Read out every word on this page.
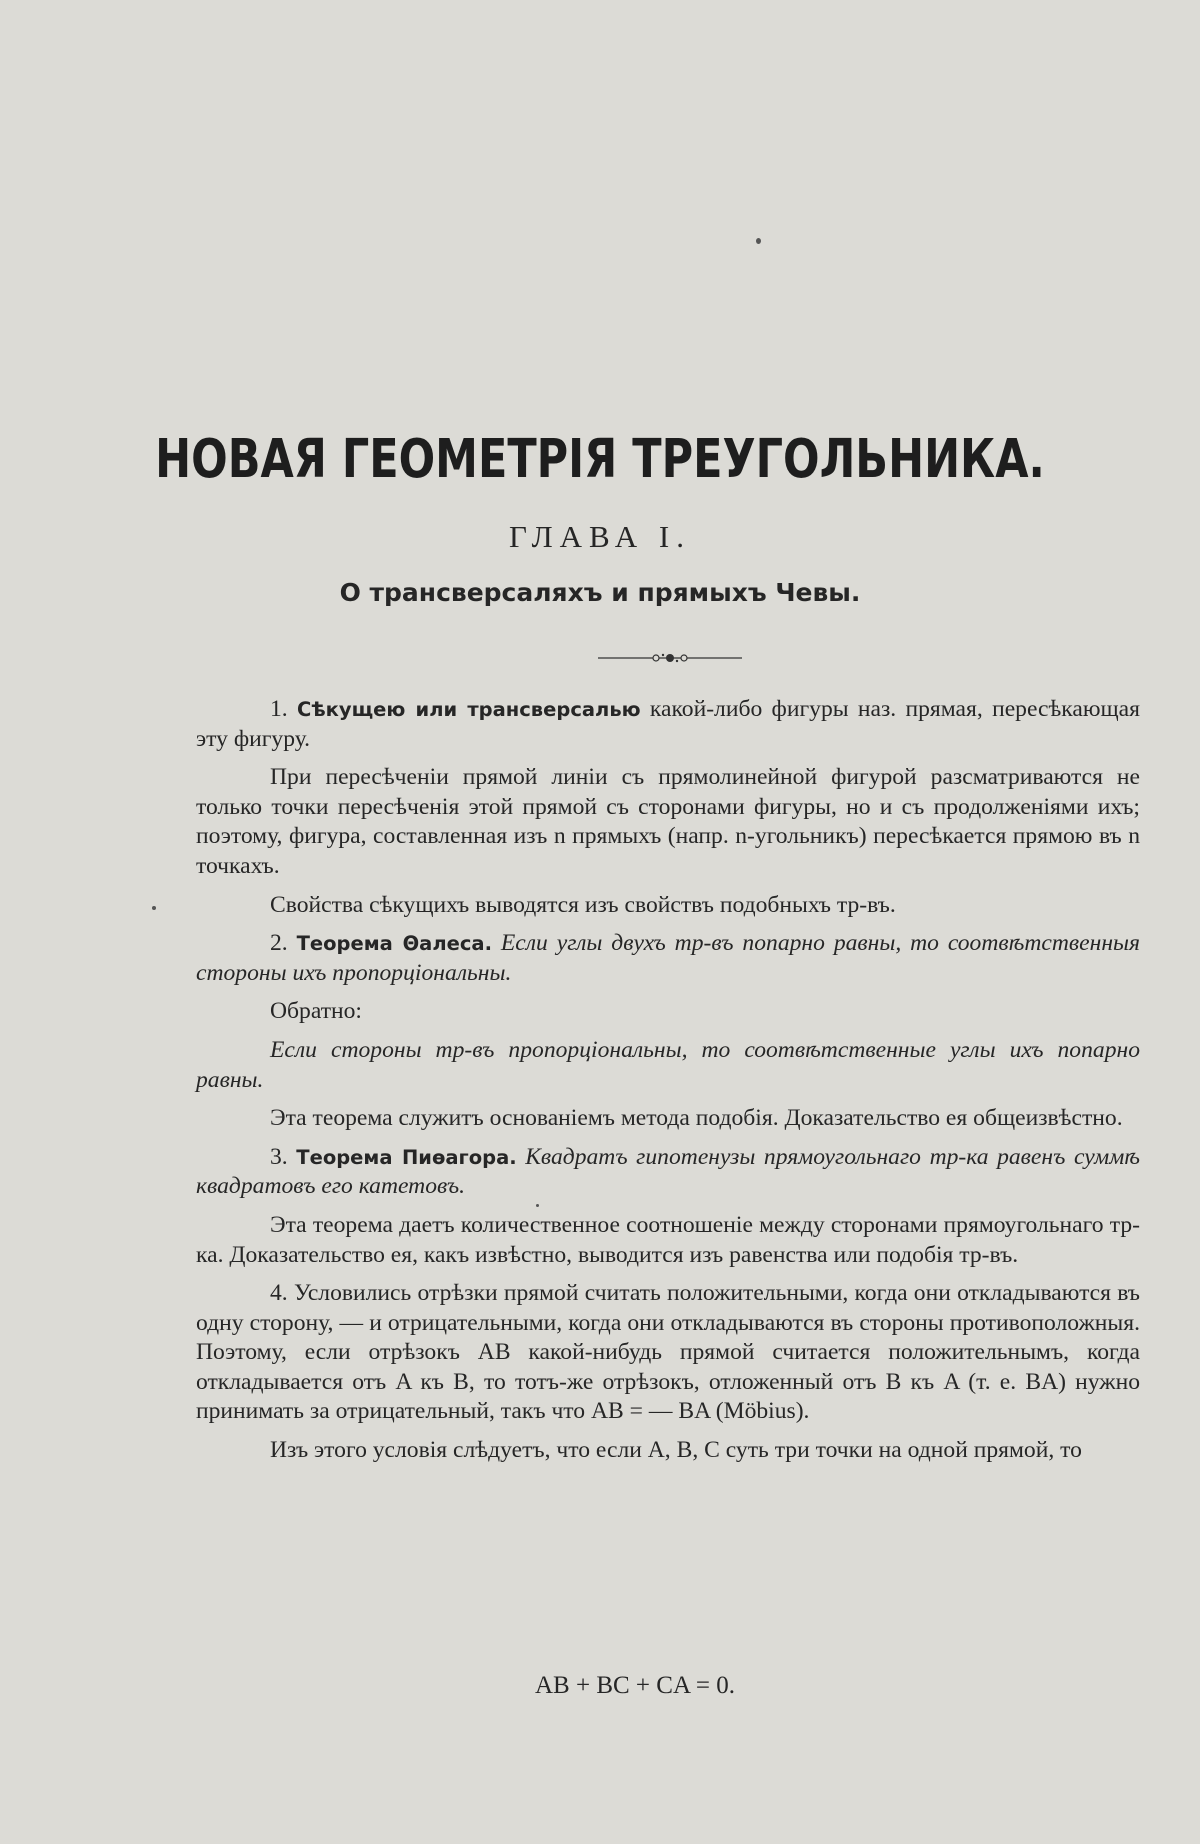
НОВАЯ ГЕОМЕТРІЯ ТРЕУГОЛЬНИКА.
ГЛАВА I.
О трансверсаляхъ и прямыхъ Чевы.

1. Сѣкущею или трансверсалью какой-либо фигуры наз. прямая, пересѣкающая эту фигуру.

При пересѣченіи прямой линіи съ прямолинейной фигурой разсматриваются не только точки пересѣченія этой прямой съ сторонами фигуры, но и съ продолженіями ихъ; поэтому, фигура, составленная изъ n прямыхъ (напр. n-угольникъ) пересѣкается прямою въ n точкахъ.

Свойства сѣкущихъ выводятся изъ свойствъ подобныхъ тр-въ.

2. Теорема Θалеса. Если углы двухъ тр-въ попарно равны, то соотвѣтственныя стороны ихъ пропорціональны.

Обратно:

Если стороны тр-въ пропорціональны, то соотвѣтственные углы ихъ попарно равны.

Эта теорема служитъ основаніемъ метода подобія. Доказательство ея общеизвѣстно.

3. Теорема Пиѳагора. Квадратъ гипотенузы прямоугольнаго тр-ка равенъ суммѣ квадратовъ его катетовъ.

Эта теорема даетъ количественное соотношеніе между сторонами прямоугольнаго тр-ка. Доказательство ея, какъ извѣстно, выводится изъ равенства или подобія тр-въ.

4. Условились отрѣзки прямой считать положительными, когда они откладываются въ одну сторону, — и отрицательными, когда они откладываются въ стороны противоположныя. Поэтому, если отрѣзокъ AB какой-нибудь прямой считается положительнымъ, когда откладывается отъ A къ B, то тотъ-же отрѣзокъ, отложенный отъ B къ A (т. е. BA) нужно принимать за отрицательный, такъ что AB = — BA (Möbius).

Изъ этого условія слѣдуетъ, что если A, B, C суть три точки на одной прямой, то

AB + BC + CA = 0.
